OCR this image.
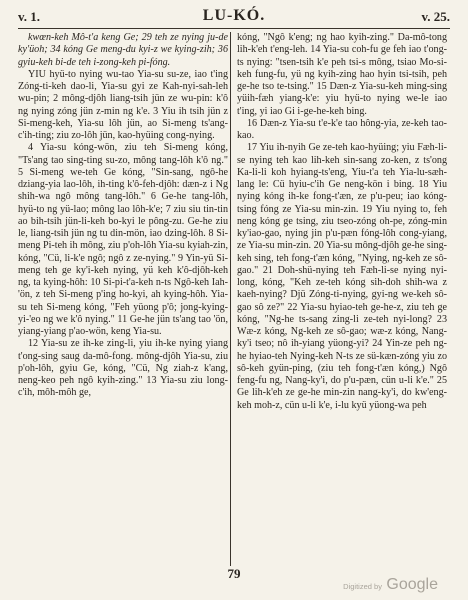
v. 1.	LU-KÓ.	v. 25.

kwœn-keh Mô-t'a keng Ge; 29 teh ze nying ju-de ky'üoh; 34 kóng Ge meng-du kyi-z we kying-zih; 36 gyiu-keh bi-de teh i-zong-keh pi-fóng.

YIU hyü-to nying wu-tao Yia-su su-ze, iao t'ing Zóng-ti-keh dao-li, Yia-su gyi ze Kah-nyi-sah-leh wu-pin; 2 mông-djôh liang-tsih jün ze wu-pin: k'ô ng nying zóng jün z-min ng k'e. 3 Yiu ih tsih jün z Si-meng-keh, Yia-su lôh jün, ao Si-meng ts'ang-c'ih-ting; ziu zo-lôh jün, kao-hyüing cong-nying.

4 Yia-su kóng-wön, ziu teh Si-meng kóng, "Ts'ang tao sing-ting su-zo, mông tang-lôh k'ô ng." 5 Si-meng we-teh Ge kóng, "Sin-sang, ngô-he dziang-yia lao-lôh, ih-ting k'ô-feh-djôh: dæn-z i Ng shih-wa ngô mông tang-lôh." 6 Ge-he tang-lôh, hyü-to ng yü-lao; mông lao lôh-k'e; 7 ziu siu tin-tin ao bih-tsih jün-li-keh bo-kyi le pông-zu. Ge-he ziu le, liang-tsih jün ng tu din-mön, iao dzing-lôh. 8 Si-meng Pi-teh ih mông, ziu p'oh-lôh Yia-su kyiah-zin, kóng, "Cü, li-k'e ngô; ngô z ze-nying." 9 Yin-yü Si-meng teh ge ky'i-keh nying, yü keh k'ô-djôh-keh ng, ta kying-hôh: 10 Si-pi-t'a-keh n-ts Ngô-keh Iah-'ön, z teh Si-meng p'ing ho-kyi, ah kying-hôh. Yia-su teh Si-meng kóng, "Feh yüong p'ô; jong-kying-yi-'eo ng we k'ô nying." 11 Ge-he jün ts'ang tao 'ön, yiang-yiang p'ao-wön, keng Yia-su.

12 Yia-su ze ih-ke zing-li, yiu ih-ke nying yiang t'ong-sing saug da-mô-fong. mông-djôh Yia-su, ziu p'oh-lôh, gyiu Ge, kóng, "Cü, Ng ziah-z k'ang, neng-keo peh ngô kyih-zing." 13 Yia-su ziu long-c'ih, môh-môh ge,

kóng, "Ngô k'eng; ng hao kyih-zing." Da-mô-tong lih-k'eh t'eng-leh. 14 Yia-su coh-fu ge feh iao t'ong-ts nying: "tsen-tsih k'e peh tsi-s mông, tsiao Mo-si-keh fung-fu, yü ng kyih-zing hao hyin tsi-tsih, peh ge-he tso te-tsing." 15 Dæn-z Yia-su-keh ming-sing yüih-fæh yiang-k'e: yiu hyü-to nying we-le iao t'ing, yi iao Gi i-ge-he-keh bing.

16 Dæn-z Yia-su t'e-k'e tao hông-yia, ze-keh tao-kao.

17 Yiu ih-nyih Ge ze-teh kao-hyüing; yiu Fæh-li-se nying teh kao lih-keh sin-sang zo-ken, z ts'ong Ka-li-li koh hyiang-ts'eng, Yiu-t'a teh Yia-lu-sæh-lang le: Cü hyiu-c'ih Ge neng-kön i bing. 18 Yiu nying kóng ih-ke fong-t'æn, ze p'u-peu; iao kóng-tsing fóng ze Yia-su min-zin. 19 Yiu nying to, feh neng kóng ge tsing, ziu tseo-zóng oh-pe, zóng-min ky'iao-gao, nying jin p'u-pæn fóng-lôh cong-yiang, ze Yia-su min-zin. 20 Yia-su mông-djôh ge-he sing-keh sing, teh fong-t'æn kóng, "Nying, ng-keh ze sô-gao." 21 Doh-shü-nying teh Fæh-li-se nying nyi-long, kóng, "Keh ze-teh kóng sih-doh shih-wa z kaeh-nying? Djü Zóng-ti-nying, gyi-ng we-keh sô-gao sô ze?" 22 Yia-su hyiao-teh ge-he-z, ziu teh ge kóng, "Ng-he ts-sang zing-li ze-teh nyi-long? 23 Wæ-z kóng, Ng-keh ze sô-gao; wæ-z kóng, Nang-ky'i tseo; nô ih-yiang yüong-yi? 24 Yin-ze peh ng-he hyiao-teh Nying-keh N-ts ze sü-kæn-zóng yiu zo sô-keh gyün-ping, (ziu teh fong-t'æn kóng,) Ngô feng-fu ng, Nang-ky'i, do p'u-pæn, cün u-li k'e." 25 Ge lih-k'eh ze ge-he min-zin nang-ky'i, do kw'eng-keh moh-z, cün u-li k'e, i-lu kyü yüong-wa peh

79
Digitized by Google
